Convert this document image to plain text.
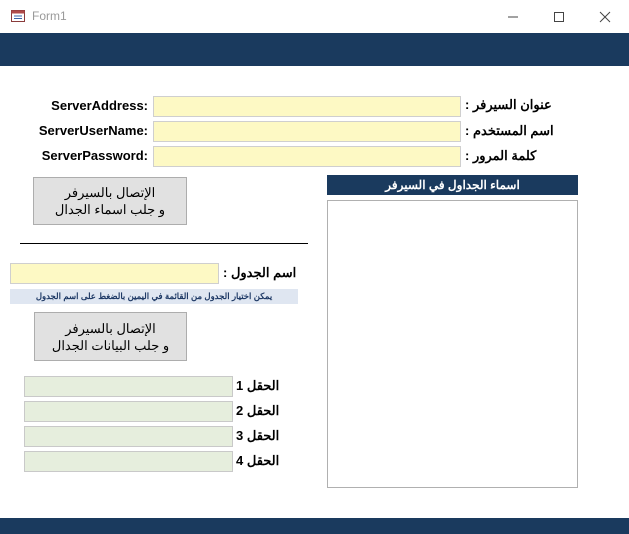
Form1
ServerAddress:	عنوان السيرفر :
ServerUserName:	اسم المستخدم :
ServerPassword:	كلمة المرور :
الإتصال بالسيرفر
و جلب اسماء الجدال
اسماء الجداول في السيرفر
اسم الجدول :
يمكن اختيار الجدول من القائمة في اليمين بالضغط على اسم الجدول
الإتصال بالسيرفر
و جلب البيانات الجدال
الحقل 1
الحقل 2
الحقل 3
الحقل 4
